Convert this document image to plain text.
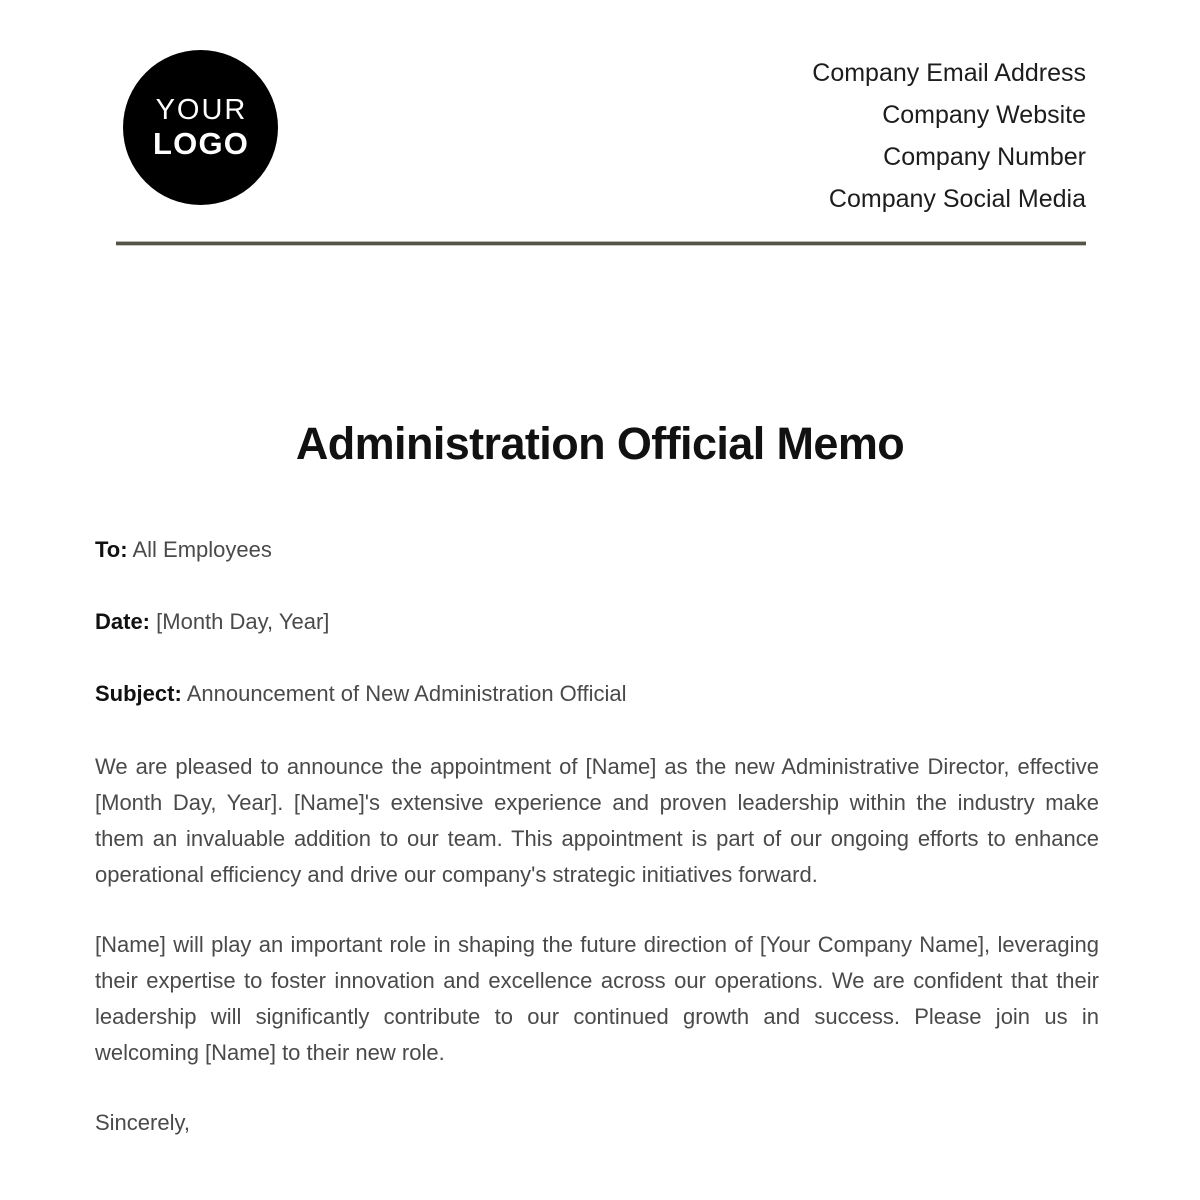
YOUR
LOGO
Company Email Address
Company Website
Company Number
Company Social Media
Administration Official Memo
To: All Employees
Date: [Month Day, Year]
Subject: Announcement of New Administration Official

We are pleased to announce the appointment of [Name] as the new Administrative Director, effective [Month Day, Year]. [Name]'s extensive experience and proven leadership within the industry make them an invaluable addition to our team. This appointment is part of our ongoing efforts to enhance operational efficiency and drive our company's strategic initiatives forward.

[Name] will play an important role in shaping the future direction of [Your Company Name], leveraging their expertise to foster innovation and excellence across our operations. We are confident that their leadership will significantly contribute to our continued growth and success. Please join us in welcoming [Name] to their new role.

Sincerely,
